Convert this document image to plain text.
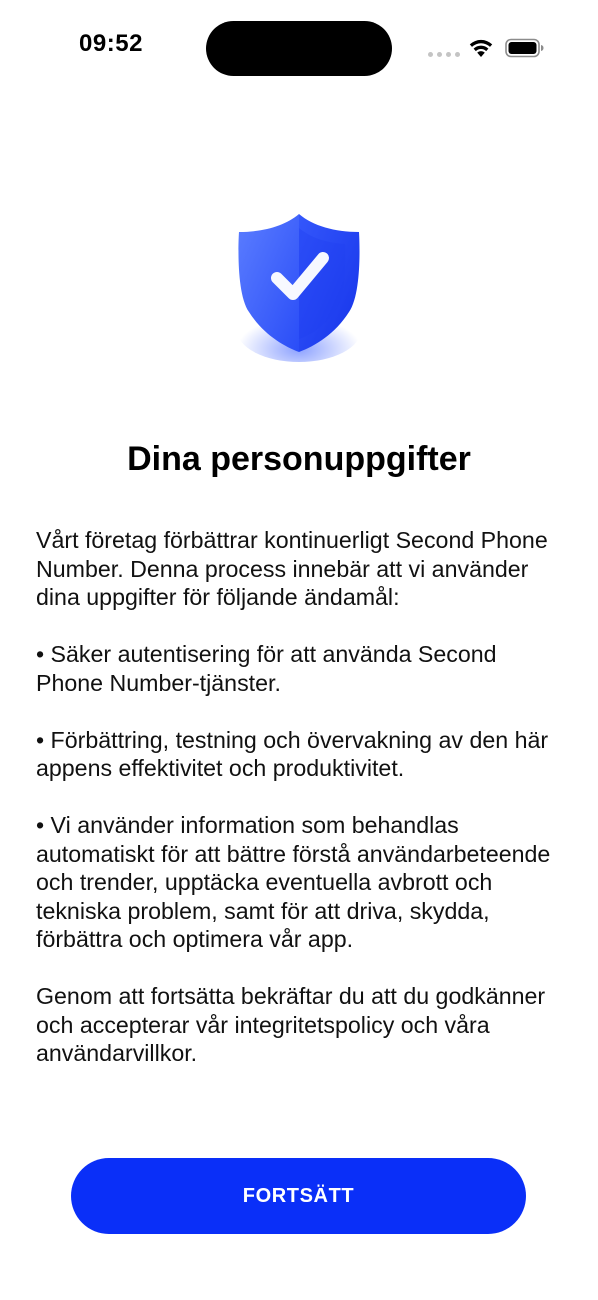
09:52
Dina personuppgifter

Vårt företag förbättrar kontinuerligt Second Phone Number. Denna process innebär att vi använder dina uppgifter för följande ändamål:

• Säker autentisering för att använda Second Phone Number-tjänster.

• Förbättring, testning och övervakning av den här appens effektivitet och produktivitet.

• Vi använder information som behandlas automatiskt för att bättre förstå användarbeteende och trender, upptäcka eventuella avbrott och tekniska problem, samt för att driva, skydda, förbättra och optimera vår app.

Genom att fortsätta bekräftar du att du godkänner och accepterar vår integritetspolicy och våra användarvillkor.

FORTSÄTT
